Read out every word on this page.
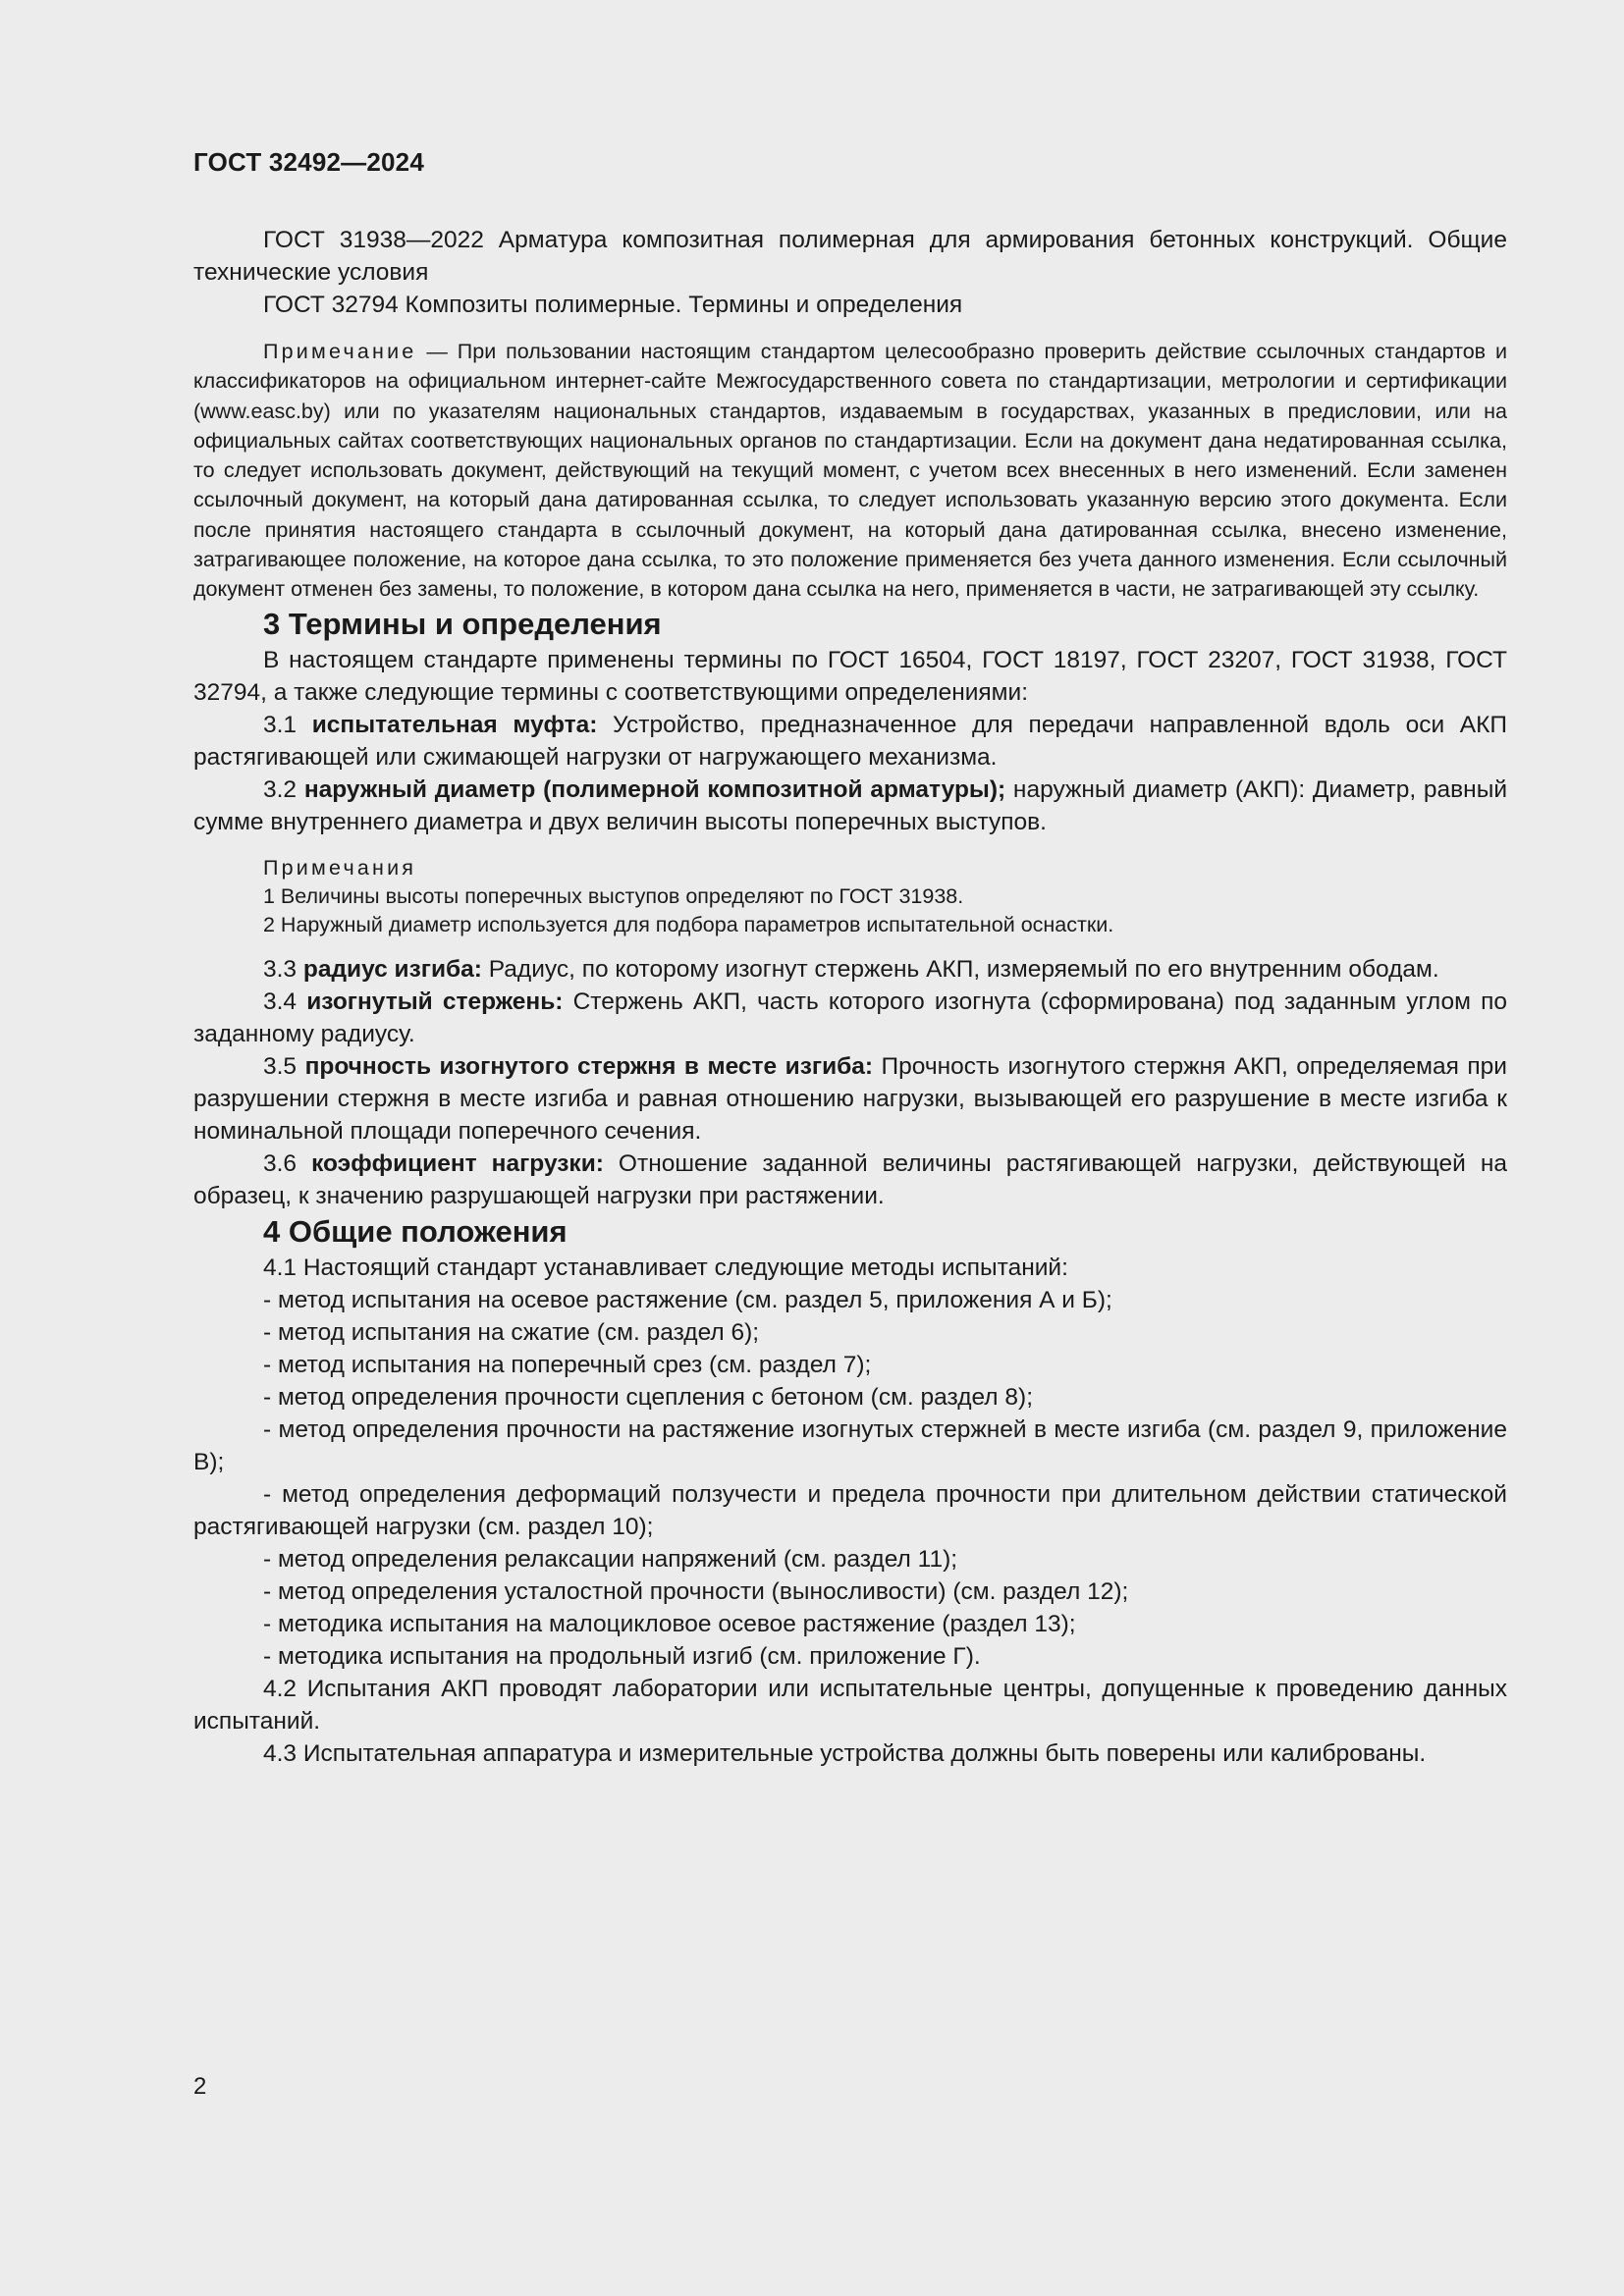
ГОСТ 32492—2024

ГОСТ 31938—2022 Арматура композитная полимерная для армирования бетонных конструкций. Общие технические условия

ГОСТ 32794 Композиты полимерные. Термины и определения

Примечание — При пользовании настоящим стандартом целесообразно проверить действие ссылочных стандартов и классификаторов на официальном интернет-сайте Межгосударственного совета по стандартизации, метрологии и сертификации (www.easc.by) или по указателям национальных стандартов, издаваемым в государствах, указанных в предисловии, или на официальных сайтах соответствующих национальных органов по стандартизации. Если на документ дана недатированная ссылка, то следует использовать документ, действующий на текущий момент, с учетом всех внесенных в него изменений. Если заменен ссылочный документ, на который дана датированная ссылка, то следует использовать указанную версию этого документа. Если после принятия настоящего стандарта в ссылочный документ, на который дана датированная ссылка, внесено изменение, затрагивающее положение, на которое дана ссылка, то это положение применяется без учета данного изменения. Если ссылочный документ отменен без замены, то положение, в котором дана ссылка на него, применяется в части, не затрагивающей эту ссылку.

3 Термины и определения

В настоящем стандарте применены термины по ГОСТ 16504, ГОСТ 18197, ГОСТ 23207, ГОСТ 31938, ГОСТ 32794, а также следующие термины с соответствующими определениями:

3.1 испытательная муфта: Устройство, предназначенное для передачи направленной вдоль оси АКП растягивающей или сжимающей нагрузки от нагружающего механизма.

3.2 наружный диаметр (полимерной композитной арматуры); наружный диаметр (АКП): Диаметр, равный сумме внутреннего диаметра и двух величин высоты поперечных выступов.

Примечания

1 Величины высоты поперечных выступов определяют по ГОСТ 31938.

2 Наружный диаметр используется для подбора параметров испытательной оснастки.

3.3 радиус изгиба: Радиус, по которому изогнут стержень АКП, измеряемый по его внутренним ободам.

3.4 изогнутый стержень: Стержень АКП, часть которого изогнута (сформирована) под заданным углом по заданному радиусу.

3.5 прочность изогнутого стержня в месте изгиба: Прочность изогнутого стержня АКП, определяемая при разрушении стержня в месте изгиба и равная отношению нагрузки, вызывающей его разрушение в месте изгиба к номинальной площади поперечного сечения.

3.6 коэффициент нагрузки: Отношение заданной величины растягивающей нагрузки, действующей на образец, к значению разрушающей нагрузки при растяжении.

4 Общие положения

4.1 Настоящий стандарт устанавливает следующие методы испытаний:

- метод испытания на осевое растяжение (см. раздел 5, приложения А и Б);

- метод испытания на сжатие (см. раздел 6);

- метод испытания на поперечный срез (см. раздел 7);

- метод определения прочности сцепления с бетоном (см. раздел 8);

- метод определения прочности на растяжение изогнутых стержней в месте изгиба (см. раздел 9, приложение В);

- метод определения деформаций ползучести и предела прочности при длительном действии статической растягивающей нагрузки (см. раздел 10);

- метод определения релаксации напряжений (см. раздел 11);

- метод определения усталостной прочности (выносливости) (см. раздел 12);

- методика испытания на малоцикловое осевое растяжение (раздел 13);

- методика испытания на продольный изгиб (см. приложение Г).

4.2 Испытания АКП проводят лаборатории или испытательные центры, допущенные к проведению данных испытаний.

4.3 Испытательная аппаратура и измерительные устройства должны быть поверены или калиброваны.

2
